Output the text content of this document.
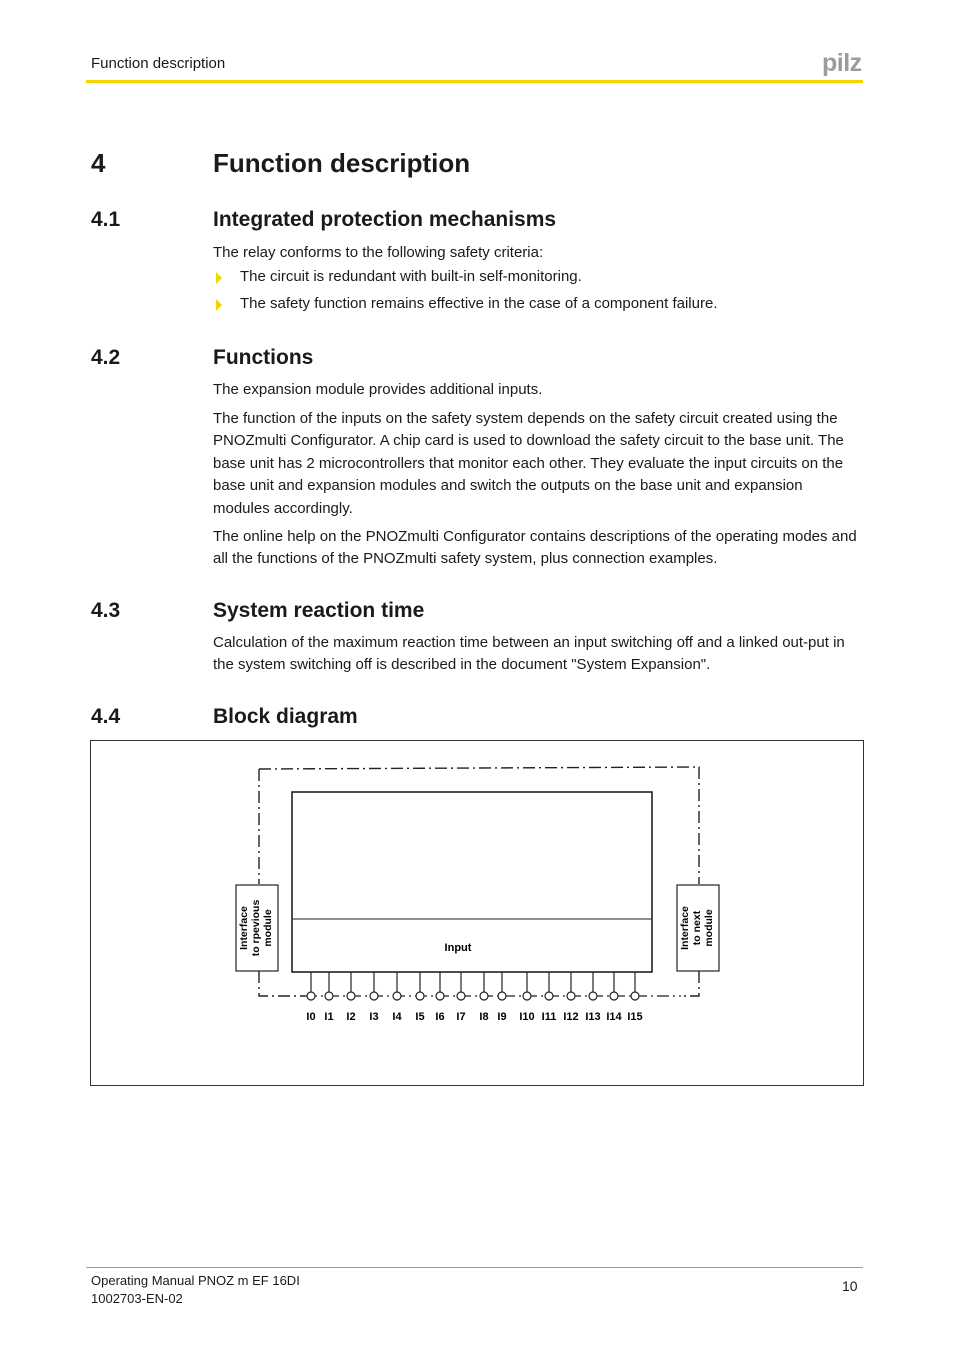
Function description	pilz
4	Function description
4.1	Integrated protection mechanisms
The relay conforms to the following safety criteria:
The circuit is redundant with built-in self-monitoring.
The safety function remains effective in the case of a component failure.
4.2	Functions
The expansion module provides additional inputs.
The function of the inputs on the safety system depends on the safety circuit created using the PNOZmulti Configurator. A chip card is used to download the safety circuit to the base unit. The base unit has 2 microcontrollers that monitor each other. They evaluate the input circuits on the base unit and expansion modules and switch the outputs on the base unit and expansion modules accordingly.
The online help on the PNOZmulti Configurator contains descriptions of the operating modes and all the functions of the PNOZmulti safety system, plus connection examples.
4.3	System reaction time
Calculation of the maximum reaction time between an input switching off and a linked out-put in the system switching off is described in the document "System Expansion".
4.4	Block diagram
Input
Interface to rpevious module	Interface to next module
I0 I1 I2 I3 I4 I5 I6 I7 I8 I9 I10 I11 I12 I13 I14 I15
Operating Manual PNOZ m EF 16DI
1002703-EN-02
10
